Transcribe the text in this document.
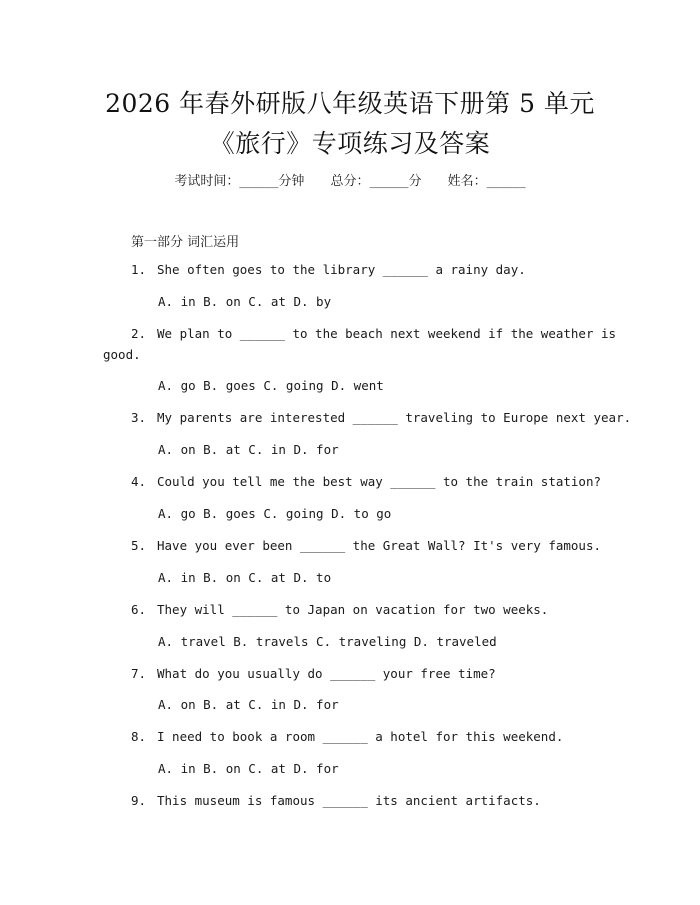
2026 年春外研版八年级英语下册第 5 单元
《旅行》专项练习及答案
考试时间：______分钟 总分：______分 姓名：______
第一部分 词汇运用
1. She often goes to the library ______ a rainy day.
A. in B. on C. at D. by
2. We plan to ______ to the beach next weekend if the weather is
good.
A. go B. goes C. going D. went
3. My parents are interested ______ traveling to Europe next year.
A. on B. at C. in D. for
4. Could you tell me the best way ______ to the train station?
A. go B. goes C. going D. to go
5. Have you ever been ______ the Great Wall? It's very famous.
A. in B. on C. at D. to
6. They will ______ to Japan on vacation for two weeks.
A. travel B. travels C. traveling D. traveled
7. What do you usually do ______ your free time?
A. on B. at C. in D. for
8. I need to book a room ______ a hotel for this weekend.
A. in B. on C. at D. for
9. This museum is famous ______ its ancient artifacts.
